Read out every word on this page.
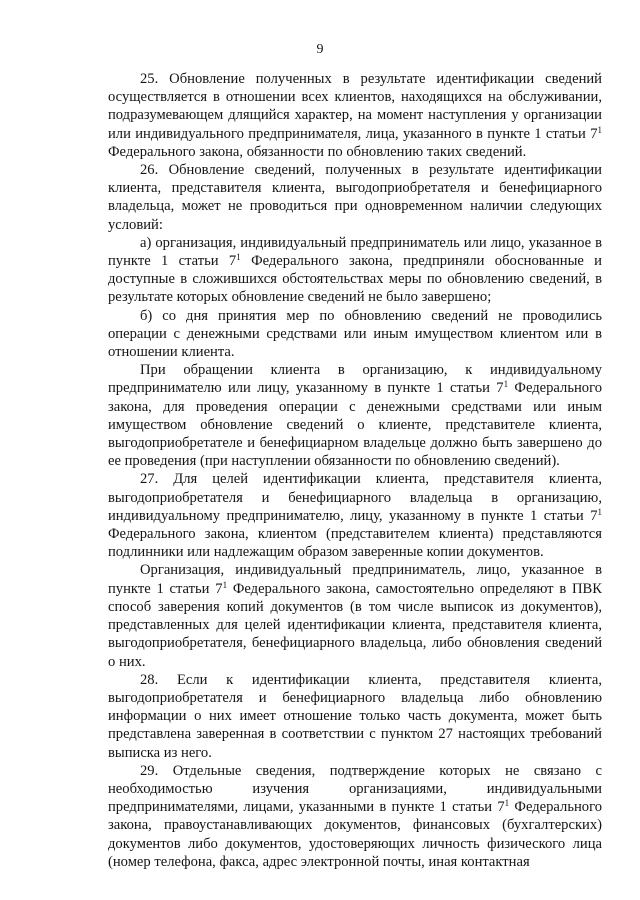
9

25. Обновление полученных в результате идентификации сведений осуществляется в отношении всех клиентов, находящихся на обслуживании, подразумевающем длящийся характер, на момент наступления у организации или индивидуального предпринимателя, лица, указанного в пункте 1 статьи $7^1$ Федерального закона, обязанности по обновлению таких сведений.

26. Обновление сведений, полученных в результате идентификации клиента, представителя клиента, выгодоприобретателя и бенефициарного владельца, может не проводиться при одновременном наличии следующих условий:

а) организация, индивидуальный предприниматель или лицо, указанное в пункте 1 статьи $7^1$ Федерального закона, предприняли обоснованные и доступные в сложившихся обстоятельствах меры по обновлению сведений, в результате которых обновление сведений не было завершено;

б) со дня принятия мер по обновлению сведений не проводились операции с денежными средствами или иным имуществом клиентом или в отношении клиента.

При обращении клиента в организацию, к индивидуальному предпринимателю или лицу, указанному в пункте 1 статьи $7^1$ Федерального закона, для проведения операции с денежными средствами или иным имуществом обновление сведений о клиенте, представителе клиента, выгодоприобретателе и бенефициарном владельце должно быть завершено до ее проведения (при наступлении обязанности по обновлению сведений).

27. Для целей идентификации клиента, представителя клиента, выгодоприобретателя и бенефициарного владельца в организацию, индивидуальному предпринимателю, лицу, указанному в пункте 1 статьи $7^1$ Федерального закона, клиентом (представителем клиента) представляются подлинники или надлежащим образом заверенные копии документов.

Организация, индивидуальный предприниматель, лицо, указанное в пункте 1 статьи $7^1$ Федерального закона, самостоятельно определяют в ПВК способ заверения копий документов (в том числе выписок из документов), представленных для целей идентификации клиента, представителя клиента, выгодоприобретателя, бенефициарного владельца, либо обновления сведений о них.

28. Если к идентификации клиента, представителя клиента, выгодоприобретателя и бенефициарного владельца либо обновлению информации о них имеет отношение только часть документа, может быть представлена заверенная в соответствии с пунктом 27 настоящих требований выписка из него.

29. Отдельные сведения, подтверждение которых не связано с необходимостью изучения организациями, индивидуальными предпринимателями, лицами, указанными в пункте 1 статьи $7^1$ Федерального закона, правоустанавливающих документов, финансовых (бухгалтерских) документов либо документов, удостоверяющих личность физического лица (номер телефона, факса, адрес электронной почты, иная контактная
